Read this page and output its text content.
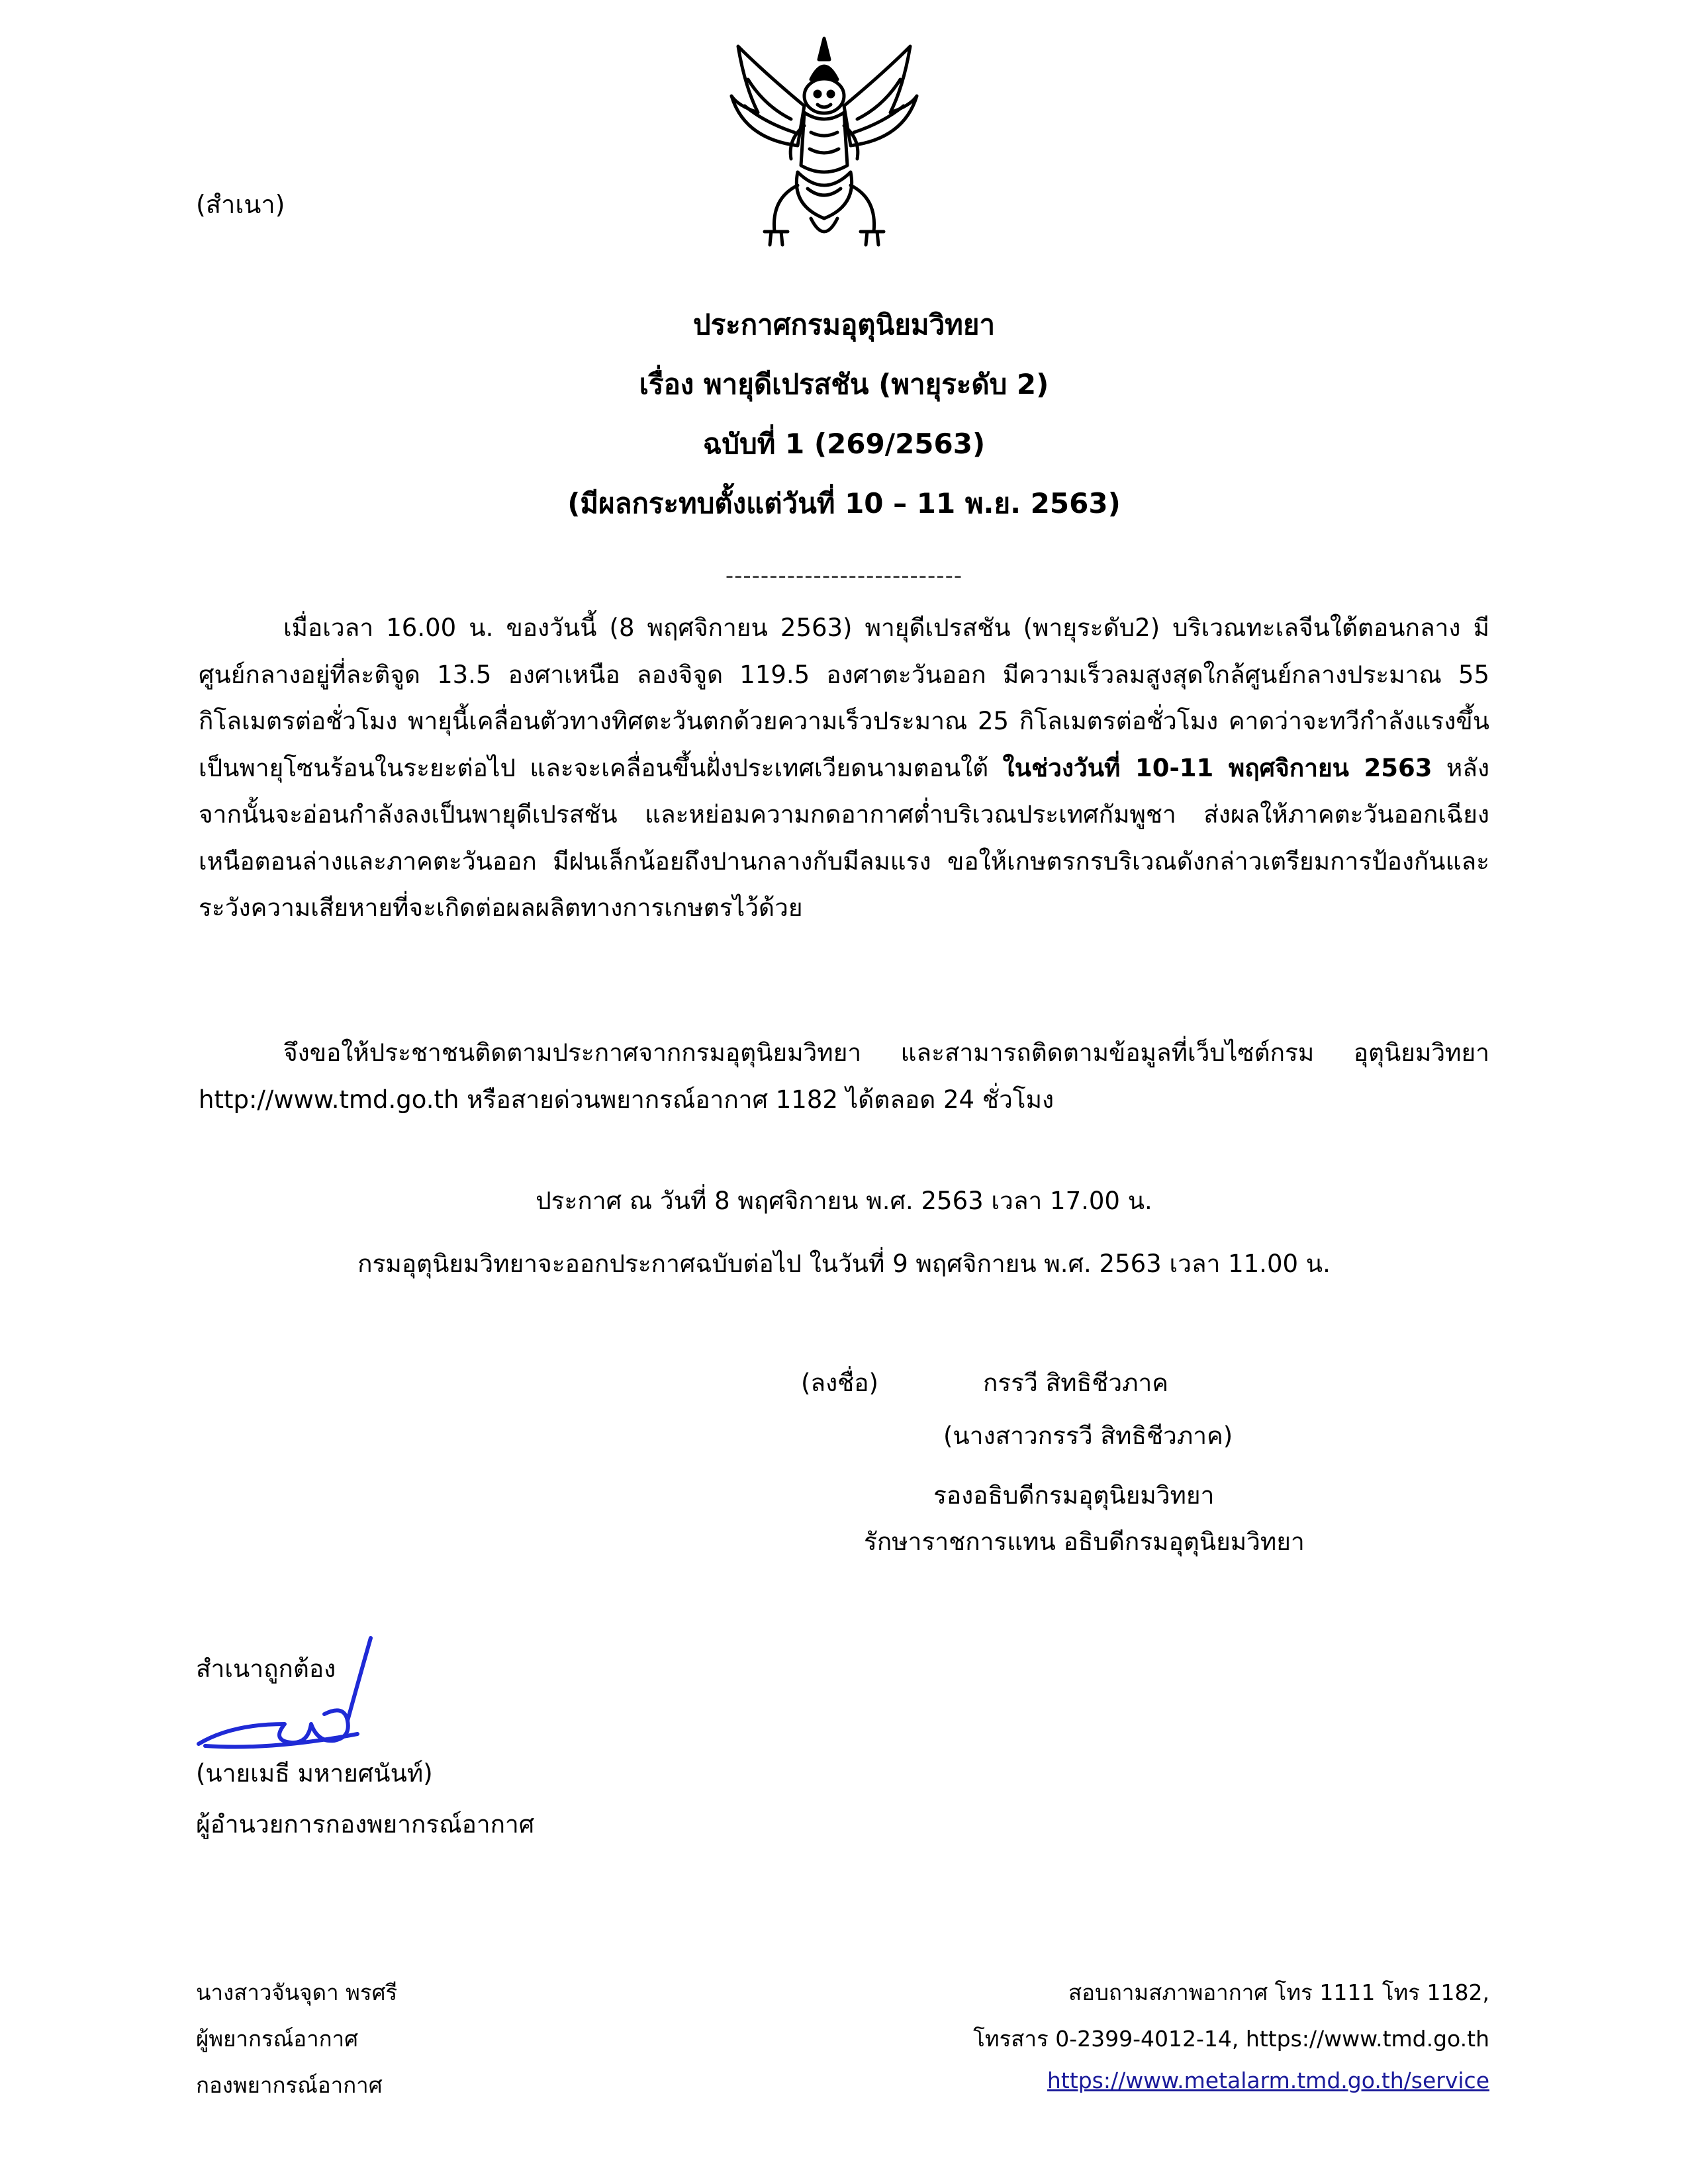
(สำเนา)
ประกาศกรมอุตุนิยมวิทยา
เรื่อง พายุดีเปรสชัน (พายุระดับ 2)
ฉบับที่ 1 (269/2563)
(มีผลกระทบตั้งแต่วันที่ 10 – 11 พ.ย. 2563)
---------------------------
เมื่อเวลา 16.00 น. ของวันนี้ (8 พฤศจิกายน 2563) พายุดีเปรสชัน (พายุระดับ2) บริเวณทะเลจีนใต้ตอนกลาง มีศูนย์กลางอยู่ที่ละติจูด 13.5 องศาเหนือ ลองจิจูด 119.5 องศาตะวันออก มีความเร็วลมสูงสุดใกล้ศูนย์กลางประมาณ 55 กิโลเมตรต่อชั่วโมง พายุนี้เคลื่อนตัวทางทิศตะวันตกด้วยความเร็วประมาณ 25 กิโลเมตรต่อชั่วโมง คาดว่าจะทวีกำลังแรงขึ้นเป็นพายุโซนร้อนในระยะต่อไป และจะเคลื่อนขึ้นฝั่งประเทศเวียดนามตอนใต้ ในช่วงวันที่ 10-11 พฤศจิกายน 2563 หลังจากนั้นจะอ่อนกำลังลงเป็นพายุดีเปรสชัน และหย่อมความกดอากาศต่ำบริเวณประเทศกัมพูชา ส่งผลให้ภาคตะวันออกเฉียงเหนือตอนล่างและภาคตะวันออก มีฝนเล็กน้อยถึงปานกลางกับมีลมแรง ขอให้เกษตรกรบริเวณดังกล่าวเตรียมการป้องกันและระวังความเสียหายที่จะเกิดต่อผลผลิตทางการเกษตรไว้ด้วย
จึงขอให้ประชาชนติดตามประกาศจากกรมอุตุนิยมวิทยา และสามารถติดตามข้อมูลที่เว็บไซต์กรม อุตุนิยมวิทยา http://www.tmd.go.th หรือสายด่วนพยากรณ์อากาศ 1182 ได้ตลอด 24 ชั่วโมง
ประกาศ ณ วันที่ 8 พฤศจิกายน พ.ศ. 2563 เวลา 17.00 น.
กรมอุตุนิยมวิทยาจะออกประกาศฉบับต่อไป ในวันที่ 9 พฤศจิกายน พ.ศ. 2563 เวลา 11.00 น.
(ลงชื่อ)	กรรวี สิทธิชีวภาค
(นางสาวกรรวี สิทธิชีวภาค)
รองอธิบดีกรมอุตุนิยมวิทยา
รักษาราชการแทน อธิบดีกรมอุตุนิยมวิทยา
สำเนาถูกต้อง
(นายเมธี มหายศนันท์)
ผู้อำนวยการกองพยากรณ์อากาศ
นางสาวจันจุดา พรศรี
ผู้พยากรณ์อากาศ
กองพยากรณ์อากาศ
สอบถามสภาพอากาศ โทร 1111 โทร 1182,
โทรสาร 0-2399-4012-14, https://www.tmd.go.th
https://www.metalarm.tmd.go.th/service
